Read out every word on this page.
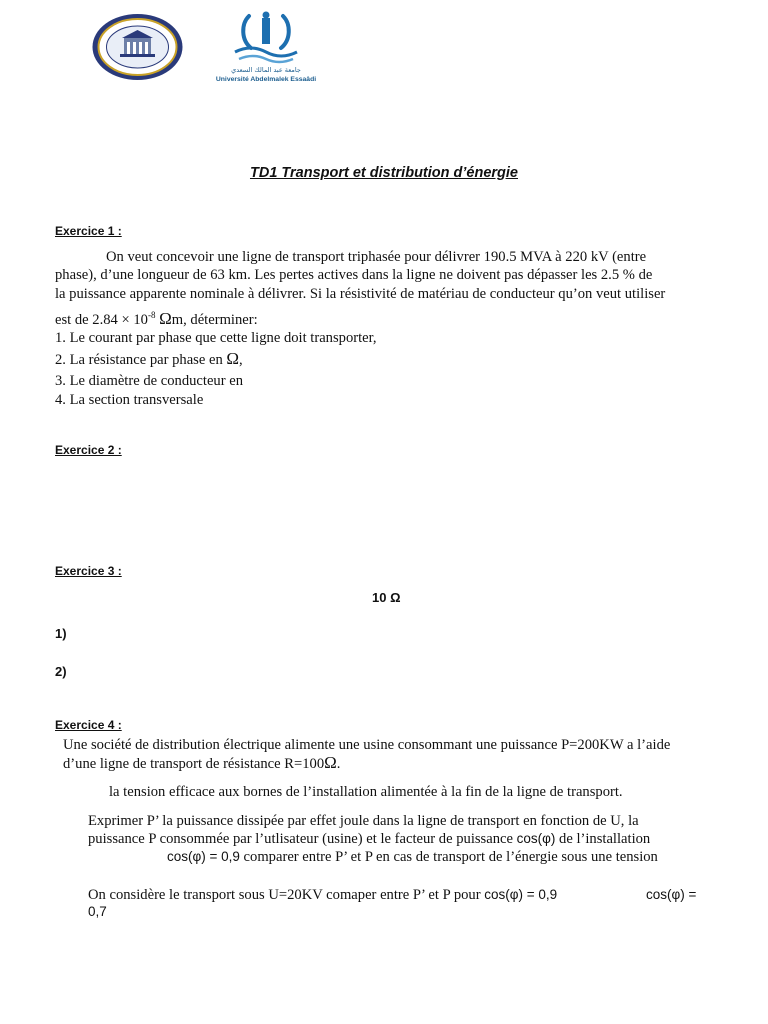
جامعة عبد المالك السعدي
Université Abdelmalek Essaâdi
TD1 Transport et distribution d’énergie
Exercice 1 :
On veut concevoir une ligne de transport triphasée pour délivrer 190.5 MVA à 220 kV (entre
phase), d’une longueur de 63 km. Les pertes actives dans la ligne ne doivent pas dépasser les 2.5 % de
la puissance apparente nominale à délivrer. Si la résistivité de matériau de conducteur qu’on veut utiliser
est de $2.84 \times 10^{-8}$ Ωm, déterminer:
1. Le courant par phase que cette ligne doit transporter,
2. La résistance par phase en Ω,
3. Le diamètre de conducteur en
4. La section transversale
Exercice 2 :
Exercice 3 :
10 Ω
1)
2)
Exercice 4 :
Une société de distribution électrique alimente une usine consommant une puissance P=200KW a l’aide
d’une ligne de transport de résistance R=100Ω.
la tension efficace aux bornes de l’installation alimentée à la fin de la ligne de transport.
Exprimer P’ la puissance dissipée par effet joule dans la ligne de transport en fonction de U, la
puissance P consommée par l’utlisateur (usine) et le facteur de puissance cos(φ) de l’installation
cos(φ) = 0,9 comparer entre P’ et P en cas de transport de l’énergie sous une tension
On considère le transport sous U=20KV comaper entre P’ et P pour cos(φ) = 0,9	cos(φ) =
0,7
